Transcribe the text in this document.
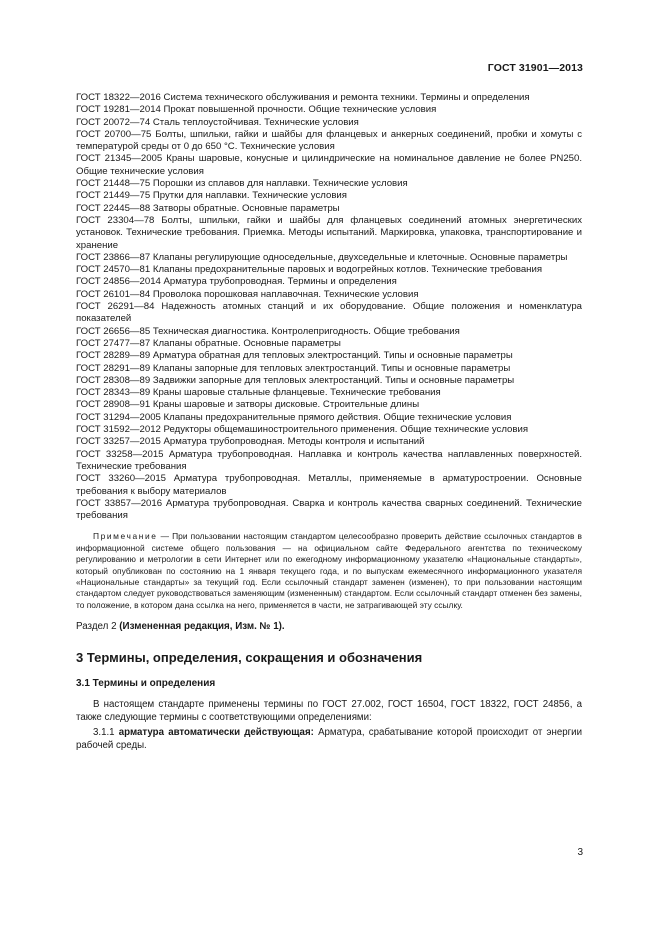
ГОСТ 31901—2013

ГОСТ 18322—2016 Система технического обслуживания и ремонта техники. Термины и определения

ГОСТ 19281—2014 Прокат повышенной прочности. Общие технические условия

ГОСТ 20072—74 Сталь теплоустойчивая. Технические условия

ГОСТ 20700—75 Болты, шпильки, гайки и шайбы для фланцевых и анкерных соединений, пробки и хомуты с температурой среды от 0 до 650 °С. Технические условия

ГОСТ 21345—2005 Краны шаровые, конусные и цилиндрические на номинальное давление не более PN250. Общие технические условия

ГОСТ 21448—75 Порошки из сплавов для наплавки. Технические условия

ГОСТ 21449—75 Прутки для наплавки. Технические условия

ГОСТ 22445—88 Затворы обратные. Основные параметры

ГОСТ 23304—78 Болты, шпильки, гайки и шайбы для фланцевых соединений атомных энергетических установок. Технические требования. Приемка. Методы испытаний. Маркировка, упаковка, транспортирование и хранение

ГОСТ 23866—87 Клапаны регулирующие односедельные, двухседельные и клеточные. Основные параметры

ГОСТ 24570—81 Клапаны предохранительные паровых и водогрейных котлов. Технические требования

ГОСТ 24856—2014 Арматура трубопроводная. Термины и определения

ГОСТ 26101—84 Проволока порошковая наплавочная. Технические условия

ГОСТ 26291—84 Надежность атомных станций и их оборудование. Общие положения и номенклатура показателей

ГОСТ 26656—85 Техническая диагностика. Контролепригодность. Общие требования

ГОСТ 27477—87 Клапаны обратные. Основные параметры

ГОСТ 28289—89 Арматура обратная для тепловых электростанций. Типы и основные параметры

ГОСТ 28291—89 Клапаны запорные для тепловых электростанций. Типы и основные параметры

ГОСТ 28308—89 Задвижки запорные для тепловых электростанций. Типы и основные параметры

ГОСТ 28343—89 Краны шаровые стальные фланцевые. Технические требования

ГОСТ 28908—91 Краны шаровые и затворы дисковые. Строительные длины

ГОСТ 31294—2005 Клапаны предохранительные прямого действия. Общие технические условия

ГОСТ 31592—2012 Редукторы общемашиностроительного применения. Общие технические условия

ГОСТ 33257—2015 Арматура трубопроводная. Методы контроля и испытаний

ГОСТ 33258—2015 Арматура трубопроводная. Наплавка и контроль качества наплавленных поверхностей. Технические требования

ГОСТ 33260—2015 Арматура трубопроводная. Металлы, применяемые в арматуростроении. Основные требования к выбору материалов

ГОСТ 33857—2016 Арматура трубопроводная. Сварка и контроль качества сварных соединений. Технические требования

Примечание — При пользовании настоящим стандартом целесообразно проверить действие ссылочных стандартов в информационной системе общего пользования — на официальном сайте Федерального агентства по техническому регулированию и метрологии в сети Интернет или по ежегодному информационному указателю «Национальные стандарты», который опубликован по состоянию на 1 января текущего года, и по выпускам ежемесячного информационного указателя «Национальные стандарты» за текущий год. Если ссылочный стандарт заменен (изменен), то при пользовании настоящим стандартом следует руководствоваться заменяющим (измененным) стандартом. Если ссылочный стандарт отменен без замены, то положение, в котором дана ссылка на него, применяется в части, не затрагивающей эту ссылку.
Раздел 2 (Измененная редакция, Изм. № 1).
3 Термины, определения, сокращения и обозначения
3.1 Термины и определения
В настоящем стандарте применены термины по ГОСТ 27.002, ГОСТ 16504, ГОСТ 18322, ГОСТ 24856, а также следующие термины с соответствующими определениями:
3.1.1 арматура автоматически действующая: Арматура, срабатывание которой происходит от энергии рабочей среды.
3
